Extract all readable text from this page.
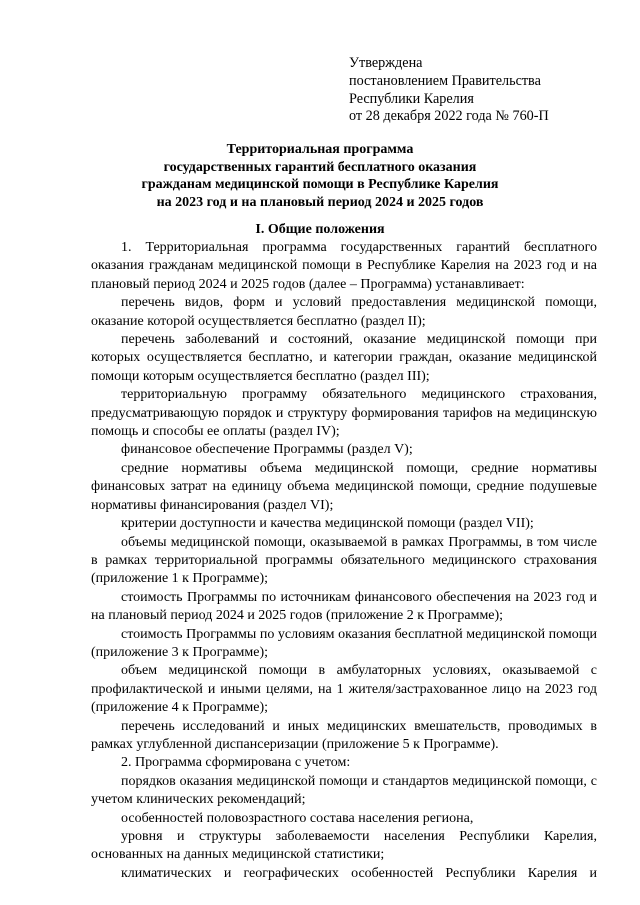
Утверждена
постановлением Правительства
Республики Карелия
от 28 декабря 2022 года № 760-П
Территориальная программа
государственных гарантий бесплатного оказания
гражданам медицинской помощи в Республике Карелия
на 2023 год и на плановый период 2024 и 2025 годов
I. Общие положения

1. Территориальная программа государственных гарантий бесплатного оказания гражданам медицинской помощи в Республике Карелия на 2023 год и на плановый период 2024 и 2025 годов (далее – Программа) устанавливает:

перечень видов, форм и условий предоставления медицинской помощи, оказание которой осуществляется бесплатно (раздел II);

перечень заболеваний и состояний, оказание медицинской помощи при которых осуществляется бесплатно, и категории граждан, оказание медицинской помощи которым осуществляется бесплатно (раздел III);

территориальную программу обязательного медицинского страхования, предусматривающую порядок и структуру формирования тарифов на медицинскую помощь и способы ее оплаты (раздел IV);

финансовое обеспечение Программы (раздел V);

средние нормативы объема медицинской помощи, средние нормативы финансовых затрат на единицу объема медицинской помощи, средние подушевые нормативы финансирования (раздел VI);

критерии доступности и качества медицинской помощи (раздел VII);

объемы медицинской помощи, оказываемой в рамках Программы, в том числе в рамках территориальной программы обязательного медицинского страхования (приложение 1 к Программе);

стоимость Программы по источникам финансового обеспечения на 2023 год и на плановый период 2024 и 2025 годов (приложение 2 к Программе);

стоимость Программы по условиям оказания бесплатной медицинской помощи (приложение 3 к Программе);

объем медицинской помощи в амбулаторных условиях, оказываемой с профилактической и иными целями, на 1 жителя/застрахованное лицо на 2023 год (приложение 4 к Программе);

перечень исследований и иных медицинских вмешательств, проводимых в рамках углубленной диспансеризации (приложение 5 к Программе).

2. Программа сформирована с учетом:

порядков оказания медицинской помощи и стандартов медицинской помощи, с учетом клинических рекомендаций;

особенностей половозрастного состава населения региона,

уровня и структуры заболеваемости населения Республики Карелия, основанных на данных медицинской статистики;

климатических и географических особенностей Республики Карелия и
